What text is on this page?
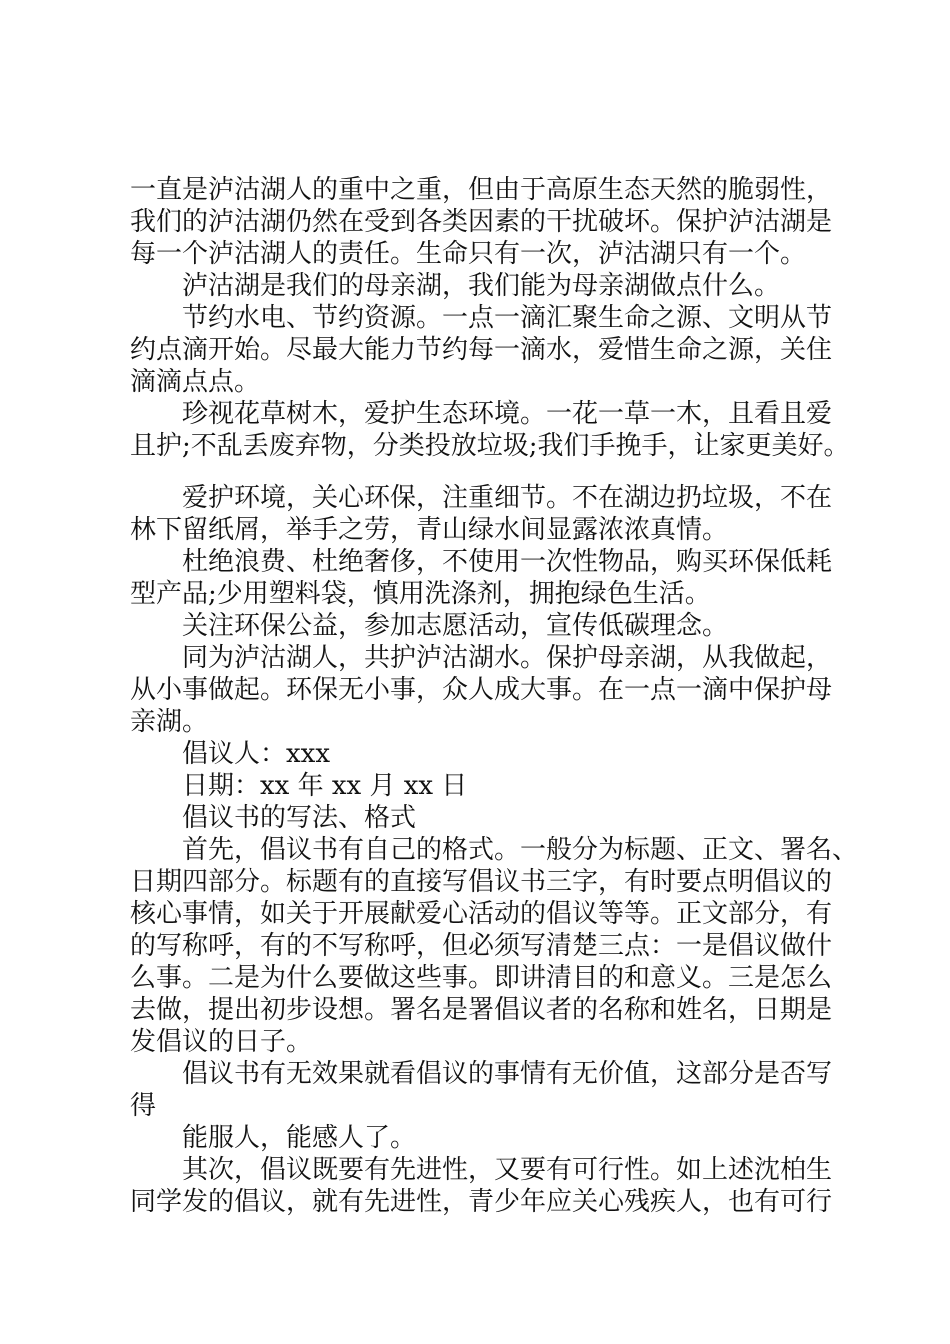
一直是泸沽湖人的重中之重，但由于高原生态天然的脆弱性，

我们的泸沽湖仍然在受到各类因素的干扰破坏。保护泸沽湖是

每一个泸沽湖人的责任。生命只有一次，泸沽湖只有一个。

泸沽湖是我们的母亲湖，我们能为母亲湖做点什么。

节约水电、节约资源。一点一滴汇聚生命之源、文明从节

约点滴开始。尽最大能力节约每一滴水，爱惜生命之源，关住

滴滴点点。

珍视花草树木，爱护生态环境。一花一草一木，且看且爱

且护;不乱丢废弃物，分类投放垃圾;我们手挽手，让家更美好。

爱护环境，关心环保，注重细节。不在湖边扔垃圾，不在

林下留纸屑，举手之劳，青山绿水间显露浓浓真情。

杜绝浪费、杜绝奢侈，不使用一次性物品，购买环保低耗

型产品;少用塑料袋，慎用洗涤剂，拥抱绿色生活。

关注环保公益，参加志愿活动，宣传低碳理念。

同为泸沽湖人，共护泸沽湖水。保护母亲湖，从我做起，

从小事做起。环保无小事，众人成大事。在一点一滴中保护母

亲湖。

倡议人：xxx

日期：xx 年 xx 月 xx 日

倡议书的写法、格式

首先，倡议书有自己的格式。一般分为标题、正文、署名、

日期四部分。标题有的直接写倡议书三字，有时要点明倡议的

核心事情，如关于开展献爱心活动的倡议等等。正文部分，有

的写称呼，有的不写称呼，但必须写清楚三点：一是倡议做什

么事。二是为什么要做这些事。即讲清目的和意义。三是怎么

去做，提出初步设想。署名是署倡议者的名称和姓名，日期是

发倡议的日子。

倡议书有无效果就看倡议的事情有无价值，这部分是否写

得

能服人，能感人了。

其次，倡议既要有先进性，又要有可行性。如上述沈柏生

同学发的倡议，就有先进性，青少年应关心残疾人，也有可行
